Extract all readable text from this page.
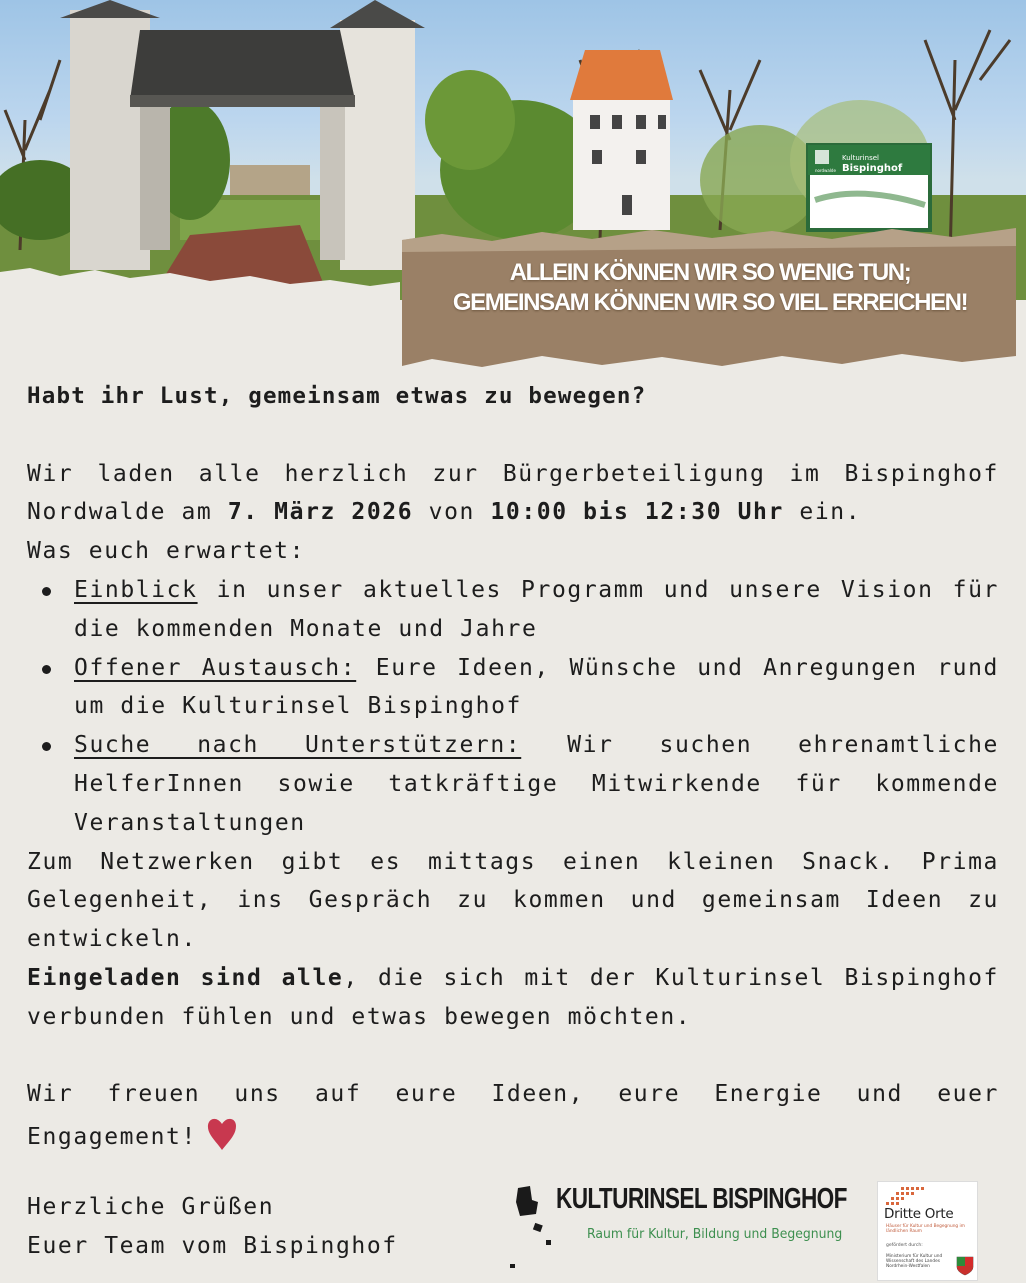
Kulturinsel
Bispinghof
nordwalde
ALLEIN KÖNNEN WIR SO WENIG TUN;
GEMEINSAM KÖNNEN WIR SO VIEL ERREICHEN!
Habt ihr Lust, gemeinsam etwas zu bewegen?
Wir laden alle herzlich zur Bürgerbeteiligung im Bispinghof
Nordwalde am 7. März 2026 von 10:00 bis 12:30 Uhr ein.
Was euch erwartet:
Einblick in unser aktuelles Programm und unsere Vision für die kommenden Monate und Jahre
Offener Austausch: Eure Ideen, Wünsche und Anregungen rund um die Kulturinsel Bispinghof
Suche nach Unterstützern: Wir suchen ehrenamtliche HelferInnen sowie tatkräftige Mitwirkende für kommende Veranstaltungen
Zum Netzwerken gibt es mittags einen kleinen Snack. Prima Gelegenheit, ins Gespräch zu kommen und gemeinsam Ideen zu entwickeln.
Eingeladen sind alle, die sich mit der Kulturinsel Bispinghof verbunden fühlen und etwas bewegen möchten.
Wir freuen uns auf eure Ideen, eure Energie und euer
Engagement!
Herzliche Grüßen
Euer Team vom Bispinghof
KULTURINSEL BISPINGHOF
Raum für Kultur, Bildung und Begegnung
Dritte Orte
Häuser für Kultur und Begegnung im ländlichen Raum
gefördert durch:
Ministerium für Kultur und Wissenschaft des Landes Nordrhein-Westfalen
